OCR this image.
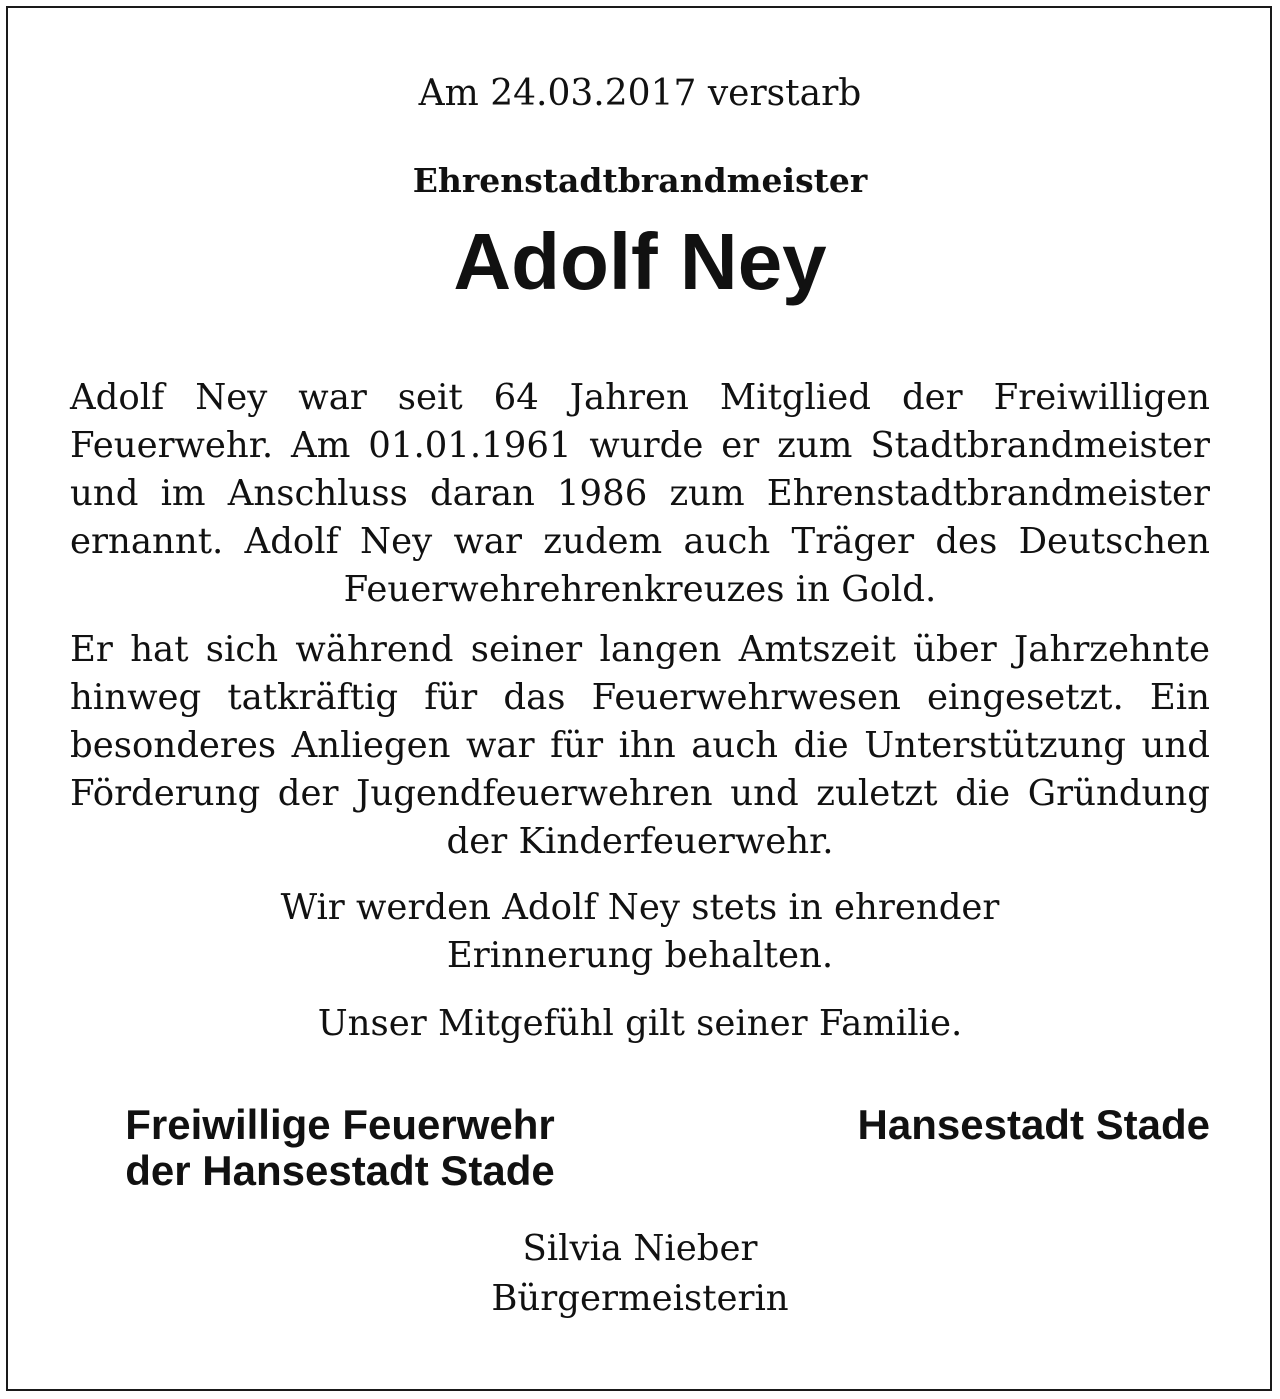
Am 24.03.2017 verstarb
Ehrenstadtbrandmeister
Adolf Ney
Adolf Ney war seit 64 Jahren Mitglied der Freiwilligen Feuerwehr. Am 01.01.1961 wurde er zum Stadtbrandmeister und im Anschluss daran 1986 zum Ehrenstadtbrandmeister ernannt. Adolf Ney war zudem auch Träger des Deutschen Feuerwehrehrenkreuzes in Gold.
Er hat sich während seiner langen Amtszeit über Jahrzehnte hinweg tatkräftig für das Feuerwehrwesen eingesetzt. Ein besonderes Anliegen war für ihn auch die Unterstützung und Förderung der Jugendfeuerwehren und zuletzt die Gründung der Kinderfeuerwehr.
Wir werden Adolf Ney stets in ehrender
Erinnerung behalten.
Unser Mitgefühl gilt seiner Familie.
Freiwillige Feuerwehr
der Hansestadt Stade
Hansestadt Stade
Silvia Nieber
Bürgermeisterin
